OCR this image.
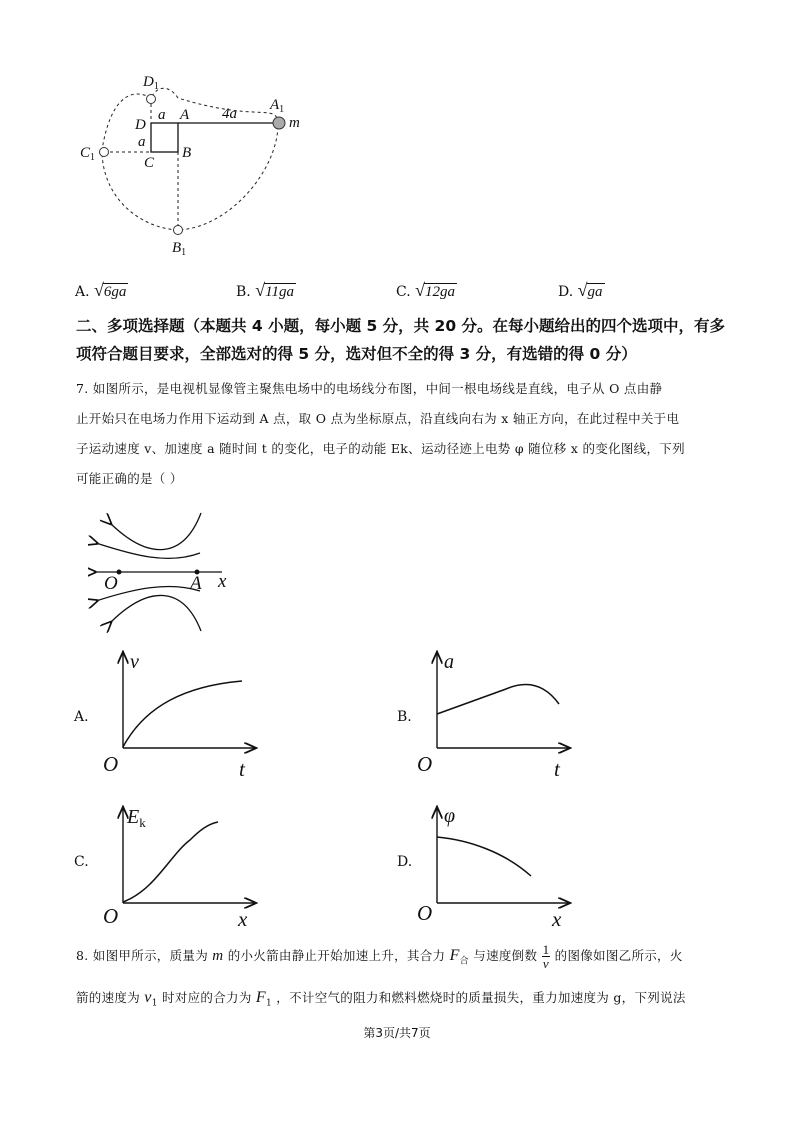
$D_1$
A 4a
$A_1$
m
D
a
a
$C_1$	C
B
$B_1$
A. √6ga	B. √11ga	C. √12ga	D. √ga
二、多项选择题（本题共 4 小题，每小题 5 分，共 20 分。在每小题给出的四个选项中，有多
项符合题目要求，全部选对的得 5 分，选对但不全的得 3 分，有选错的得 0 分）
7. 如图所示，是电视机显像管主聚焦电场中的电场线分布图，中间一根电场线是直线，电子从 O 点由静
止开始只在电场力作用下运动到 A 点，取 O 点为坐标原点，沿直线向右为 x 轴正方向，在此过程中关于电
子运动速度 v、加速度 a 随时间 t 的变化，电子的动能 Ek、运动径迹上电势 φ 随位移 x 的变化图线，下列
可能正确的是（ ）
O	A x
A.
v
O	t
B.
a
O	t
C.
$E_k$
O	x
D.
φ
O	x
8. 如图甲所示，质量为 m 的小火箭由静止开始加速上升，其合力 $F_合$ 与速度倒数 $\frac{1}{v}$ 的图像如图乙所示，火
箭的速度为 $v_1$ 时对应的合力为 $F_1$ ，不计空气的阻力和燃料燃烧时的质量损失，重力加速度为 g，下列说法
第3页/共7页
